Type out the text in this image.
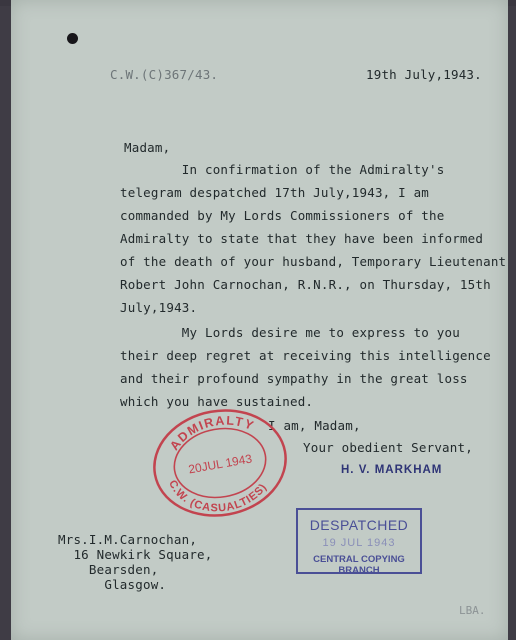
C.W.(C)367/43.	19th July,1943.
Madam,
In confirmation of the Admiralty's
telegram despatched 17th July,1943, I am
commanded by My Lords Commissioners of the
Admiralty to state that they have been informed
of the death of your husband, Temporary Lieutenant
Robert John Carnochan, R.N.R., on Thursday, 15th
July,1943.
My Lords desire me to express to you
their deep regret at receiving this intelligence
and their profound sympathy in the great loss
which you have sustained.
I am, Madam,
Your obedient Servant,
H. V. MARKHAM
ADMIRALTY
C.W. (CASUALTIES)
20JUL 1943
Mrs.I.M.Carnochan,
16 Newkirk Square,
Bearsden,
Glasgow.
DESPATCHED
19 JUL 1943
CENTRAL COPYING BRANCH
LBA.
